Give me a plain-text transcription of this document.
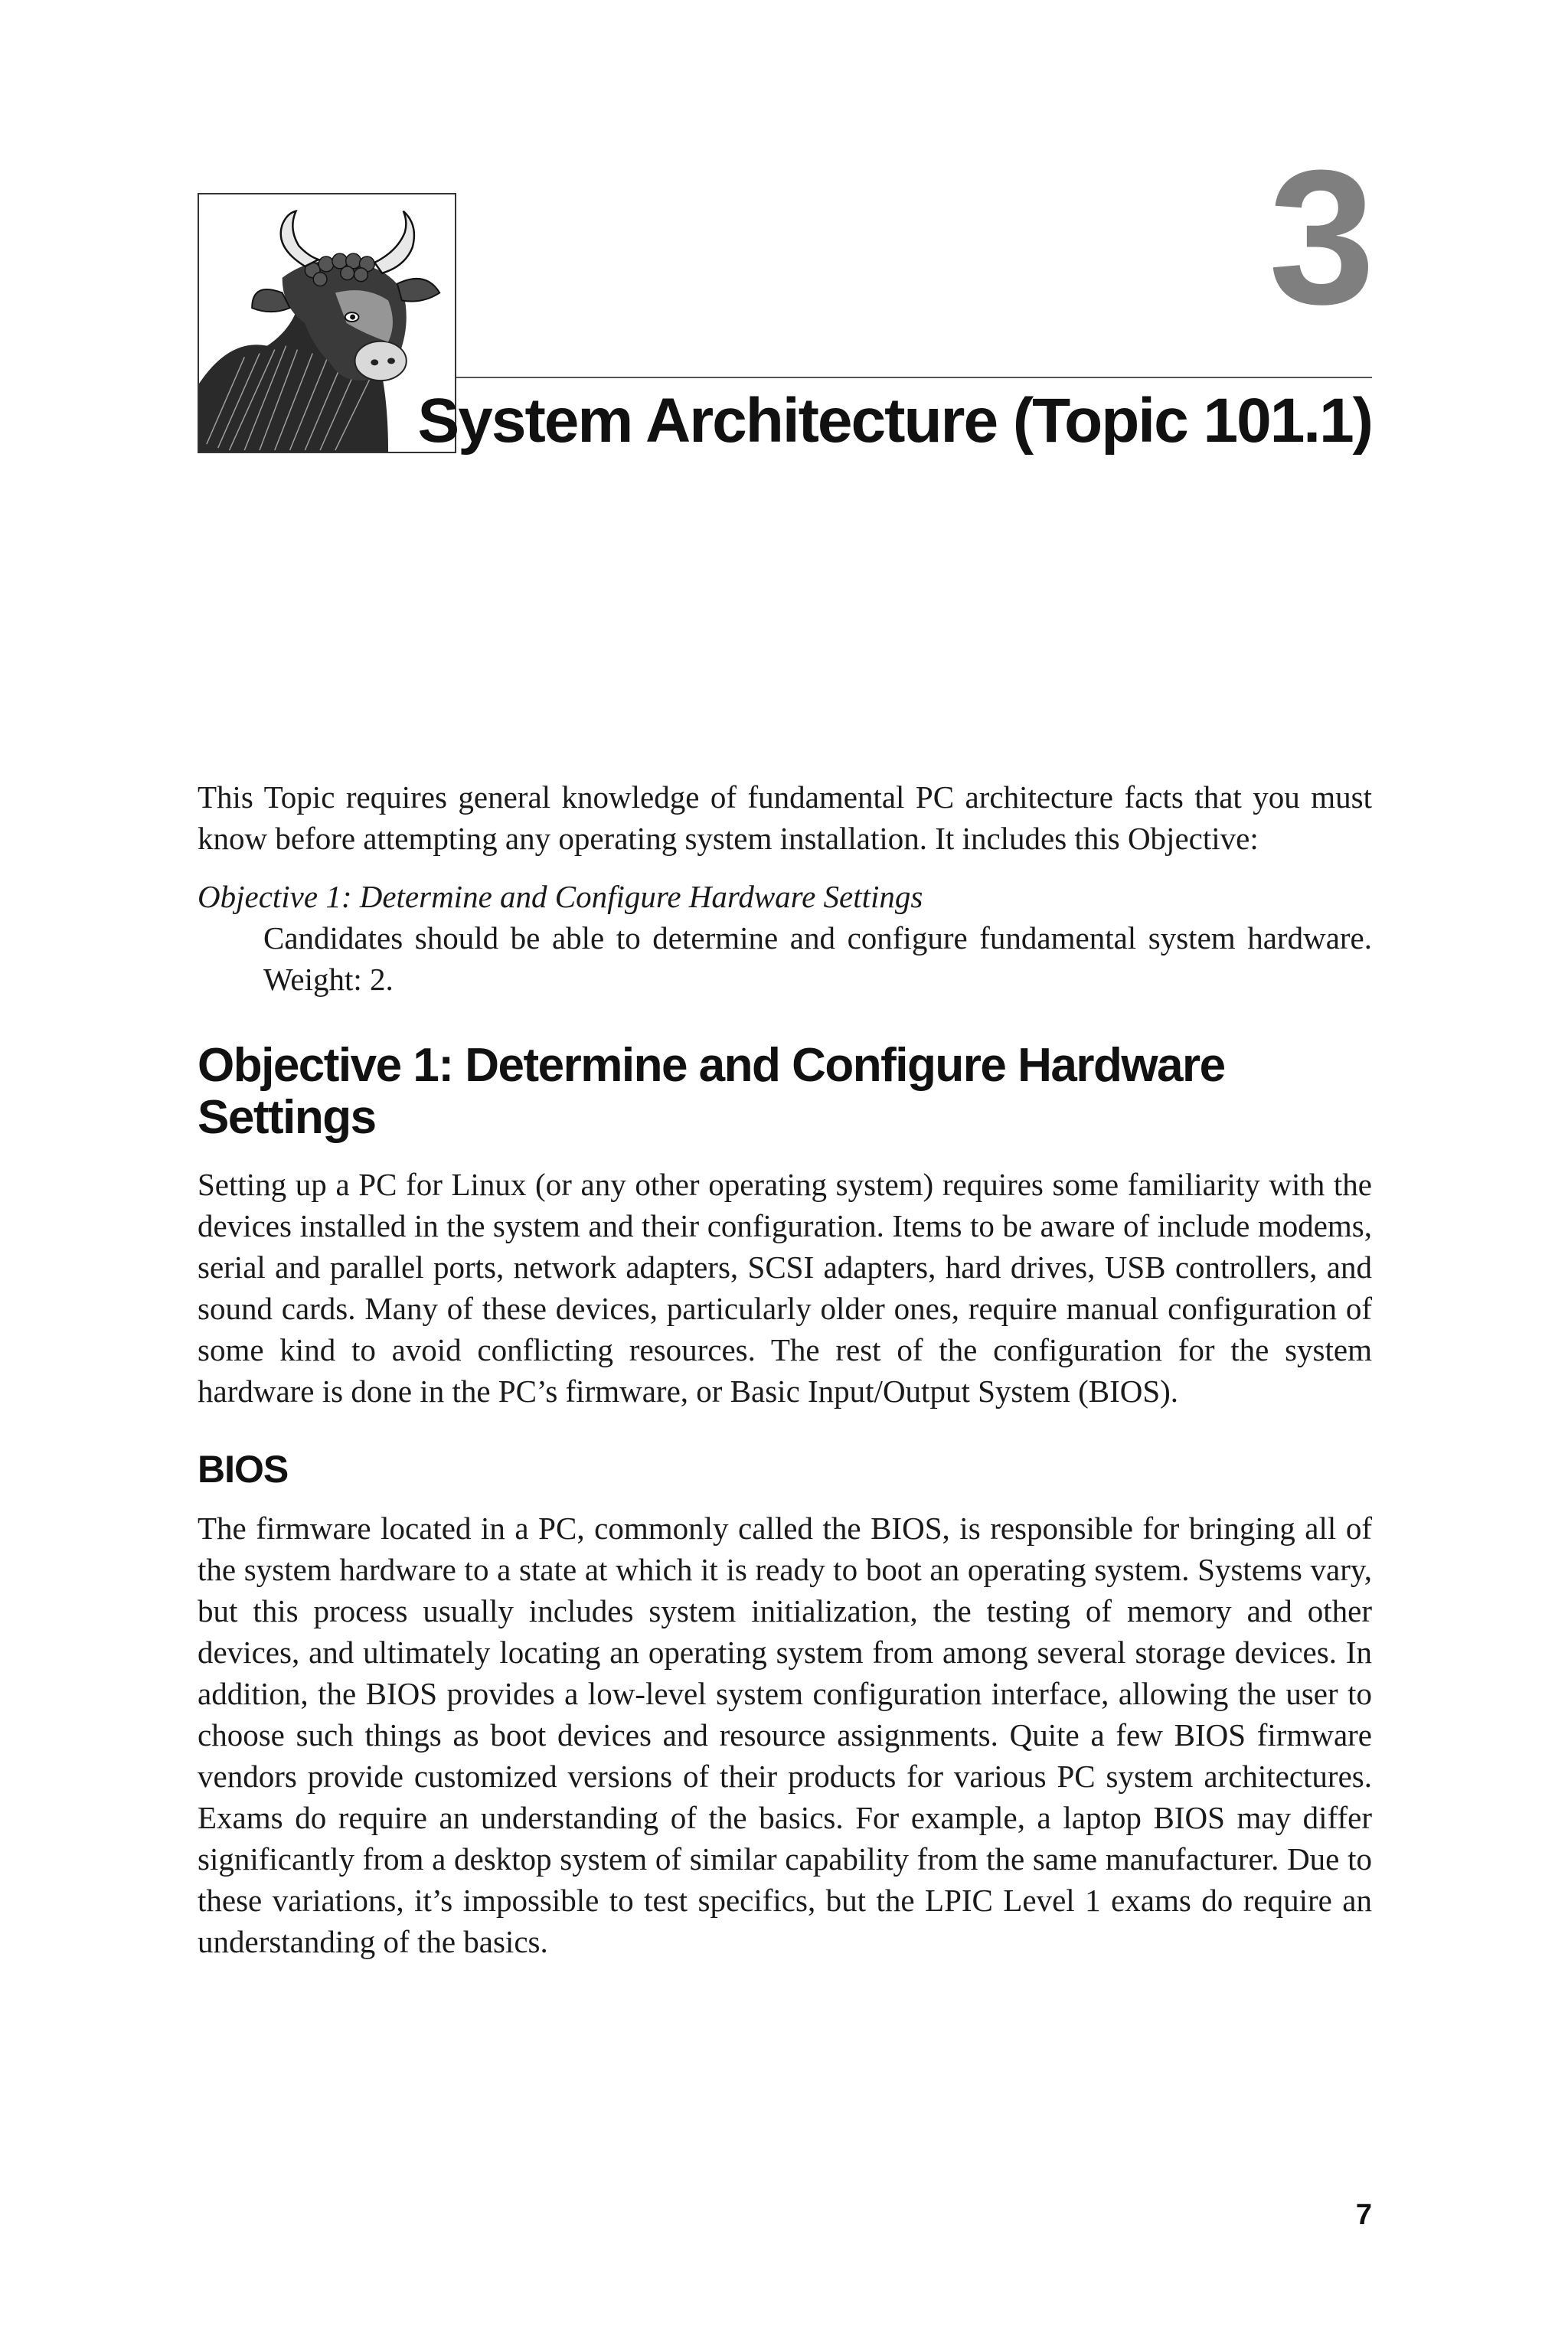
3
System Architecture (Topic 101.1)

This Topic requires general knowledge of fundamental PC architecture facts that you must know before attempting any operating system installation. It includes this Objective:

Objective 1: Determine and Configure Hardware Settings

Candidates should be able to determine and configure fundamental system hardware. Weight: 2.

Objective 1: Determine and Configure Hardware Settings

Setting up a PC for Linux (or any other operating system) requires some familiarity with the devices installed in the system and their configuration. Items to be aware of include modems, serial and parallel ports, network adapters, SCSI adapters, hard drives, USB controllers, and sound cards. Many of these devices, particularly older ones, require manual configuration of some kind to avoid conflicting resources. The rest of the configuration for the system hardware is done in the PC’s firmware, or Basic Input/Output System (BIOS).

BIOS

The firmware located in a PC, commonly called the BIOS, is responsible for bringing all of the system hardware to a state at which it is ready to boot an operating system. Systems vary, but this process usually includes system initialization, the testing of memory and other devices, and ultimately locating an operating system from among several storage devices. In addition, the BIOS provides a low-level system configuration interface, allowing the user to choose such things as boot devices and resource assignments. Quite a few BIOS firmware vendors provide customized versions of their products for various PC system architectures. Exams do require an understanding of the basics. For example, a laptop BIOS may differ significantly from a desktop system of similar capability from the same manufacturer. Due to these variations, it’s impossible to test specifics, but the LPIC Level 1 exams do require an understanding of the basics.

7
